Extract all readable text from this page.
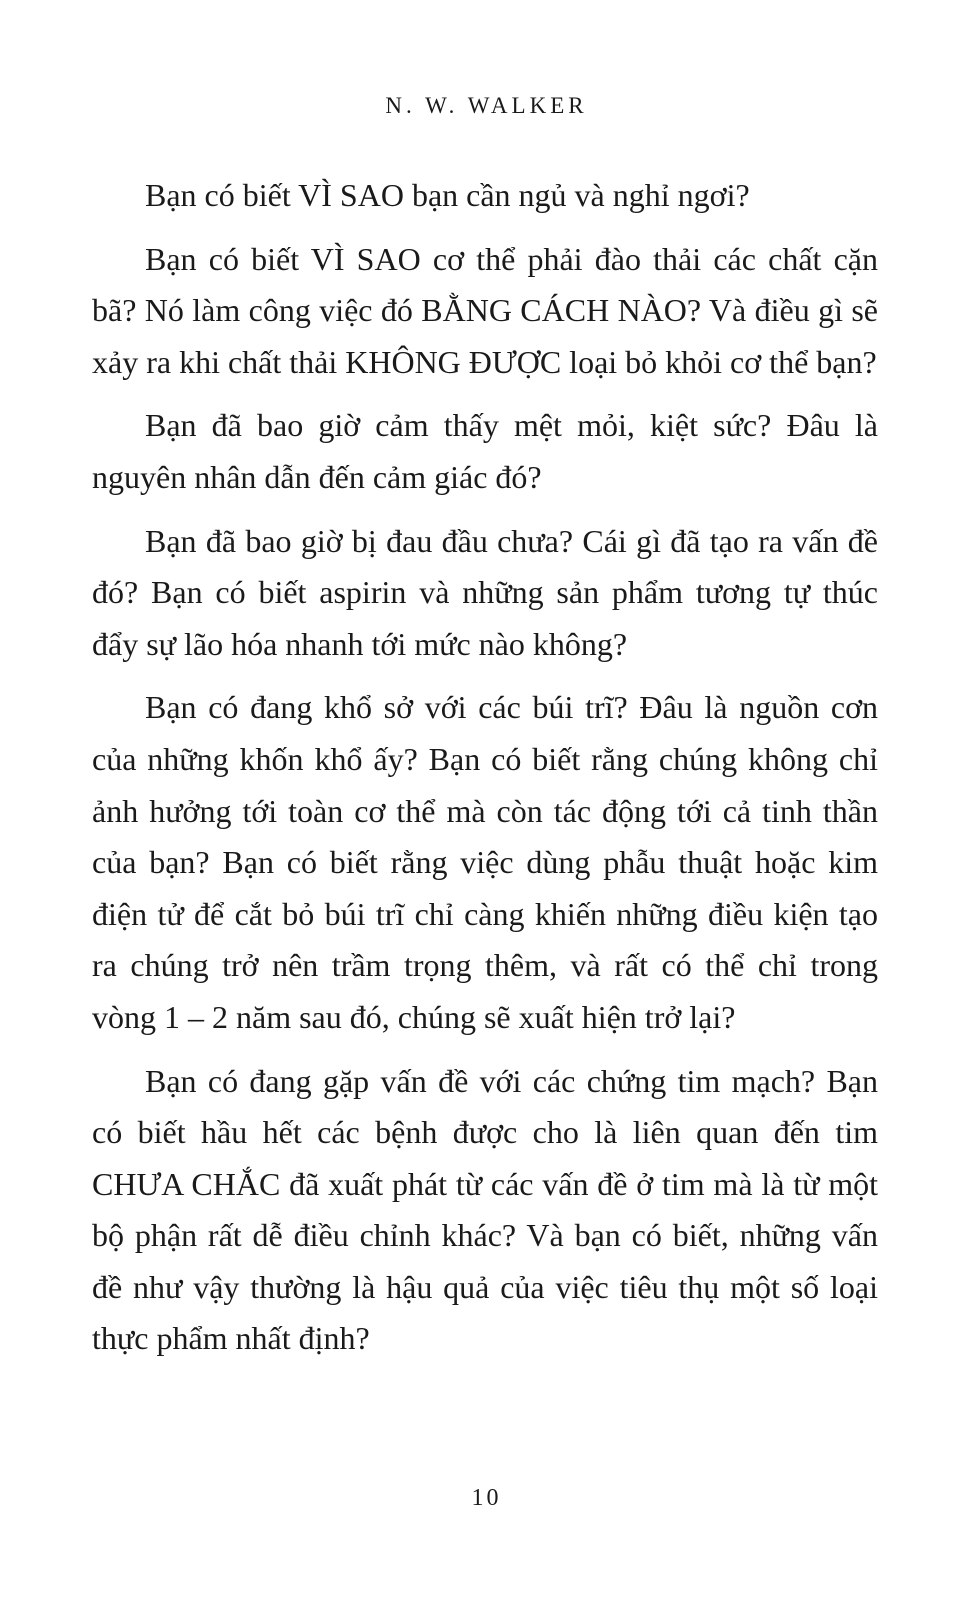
N. W. WALKER

Bạn có biết VÌ SAO bạn cần ngủ và nghỉ ngơi?

Bạn có biết VÌ SAO cơ thể phải đào thải các chất cặn bã? Nó làm công việc đó BẰNG CÁCH NÀO? Và điều gì sẽ xảy ra khi chất thải KHÔNG ĐƯỢC loại bỏ khỏi cơ thể bạn?

Bạn đã bao giờ cảm thấy mệt mỏi, kiệt sức? Đâu là nguyên nhân dẫn đến cảm giác đó?

Bạn đã bao giờ bị đau đầu chưa? Cái gì đã tạo ra vấn đề đó? Bạn có biết aspirin và những sản phẩm tương tự thúc đẩy sự lão hóa nhanh tới mức nào không?

Bạn có đang khổ sở với các búi trĩ? Đâu là nguồn cơn của những khốn khổ ấy? Bạn có biết rằng chúng không chỉ ảnh hưởng tới toàn cơ thể mà còn tác động tới cả tinh thần của bạn? Bạn có biết rằng việc dùng phẫu thuật hoặc kim điện tử để cắt bỏ búi trĩ chỉ càng khiến những điều kiện tạo ra chúng trở nên trầm trọng thêm, và rất có thể chỉ trong vòng 1 – 2 năm sau đó, chúng sẽ xuất hiện trở lại?

Bạn có đang gặp vấn đề với các chứng tim mạch? Bạn có biết hầu hết các bệnh được cho là liên quan đến tim CHƯA CHẮC đã xuất phát từ các vấn đề ở tim mà là từ một bộ phận rất dễ điều chỉnh khác? Và bạn có biết, những vấn đề như vậy thường là hậu quả của việc tiêu thụ một số loại thực phẩm nhất định?

10
